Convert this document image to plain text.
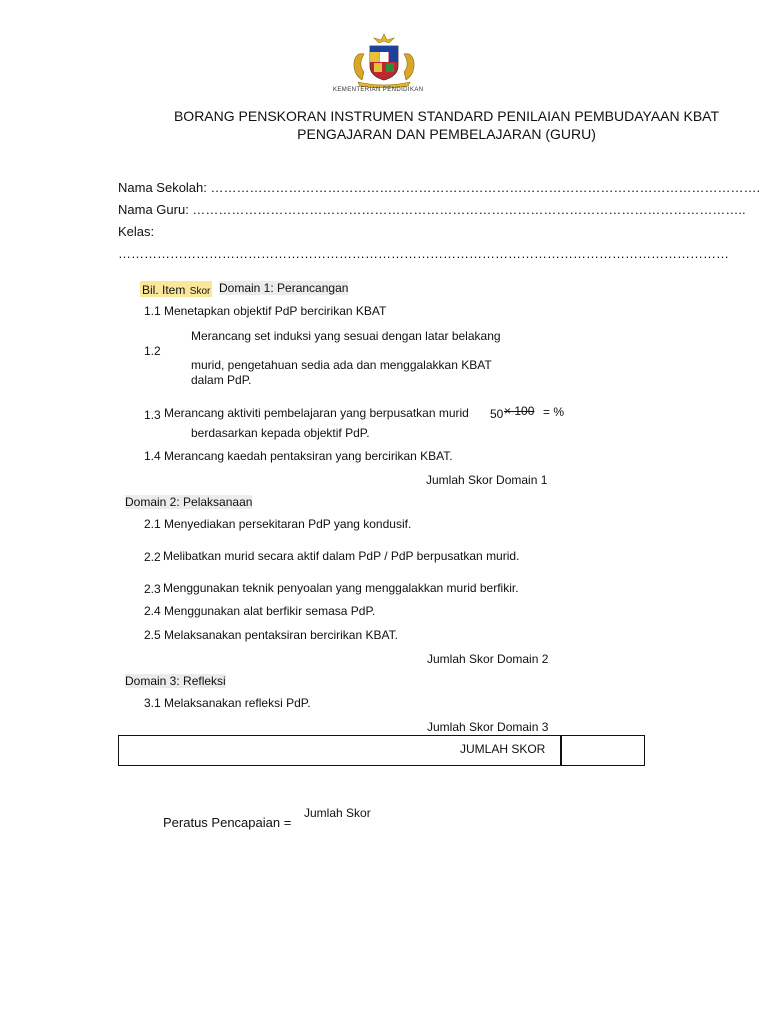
KEMENTERIAN PENDIDIKAN
BORANG PENSKORAN INSTRUMEN STANDARD PENILAIAN PEMBUDAYAAN KBAT
PENGAJARAN DAN PEMBELAJARAN (GURU)
Nama Sekolah: ……………………………………………………………………………………………………………….
Nama Guru: ………………………………………………………………………………………………………………..
Kelas:
……………………………………………………………………………………………………………………………
Bil. Item Skor Domain 1: Perancangan
1.1 Menetapkan objektif PdP bercirikan KBAT
Merancang set induksi yang sesuai dengan latar belakang
1.2
murid, pengetahuan sedia ada dan menggalakkan KBAT
dalam PdP.
1.3 Merancang aktiviti pembelajaran yang berpusatkan murid 50 × 100 = %
berdasarkan kepada objektif PdP.
1.4 Merancang kaedah pentaksiran yang bercirikan KBAT.
Jumlah Skor Domain 1
Domain 2: Pelaksanaan
2.1 Menyediakan persekitaran PdP yang kondusif.
2.2 Melibatkan murid secara aktif dalam PdP / PdP berpusatkan murid.
2.3 Menggunakan teknik penyoalan yang menggalakkan murid berfikir.
2.4 Menggunakan alat berfikir semasa PdP.
2.5 Melaksanakan pentaksiran bercirikan KBAT.
Jumlah Skor Domain 2
Domain 3: Refleksi
3.1 Melaksanakan refleksi PdP.
Jumlah Skor Domain 3
JUMLAH SKOR
Peratus Pencapaian =
Jumlah Skor
